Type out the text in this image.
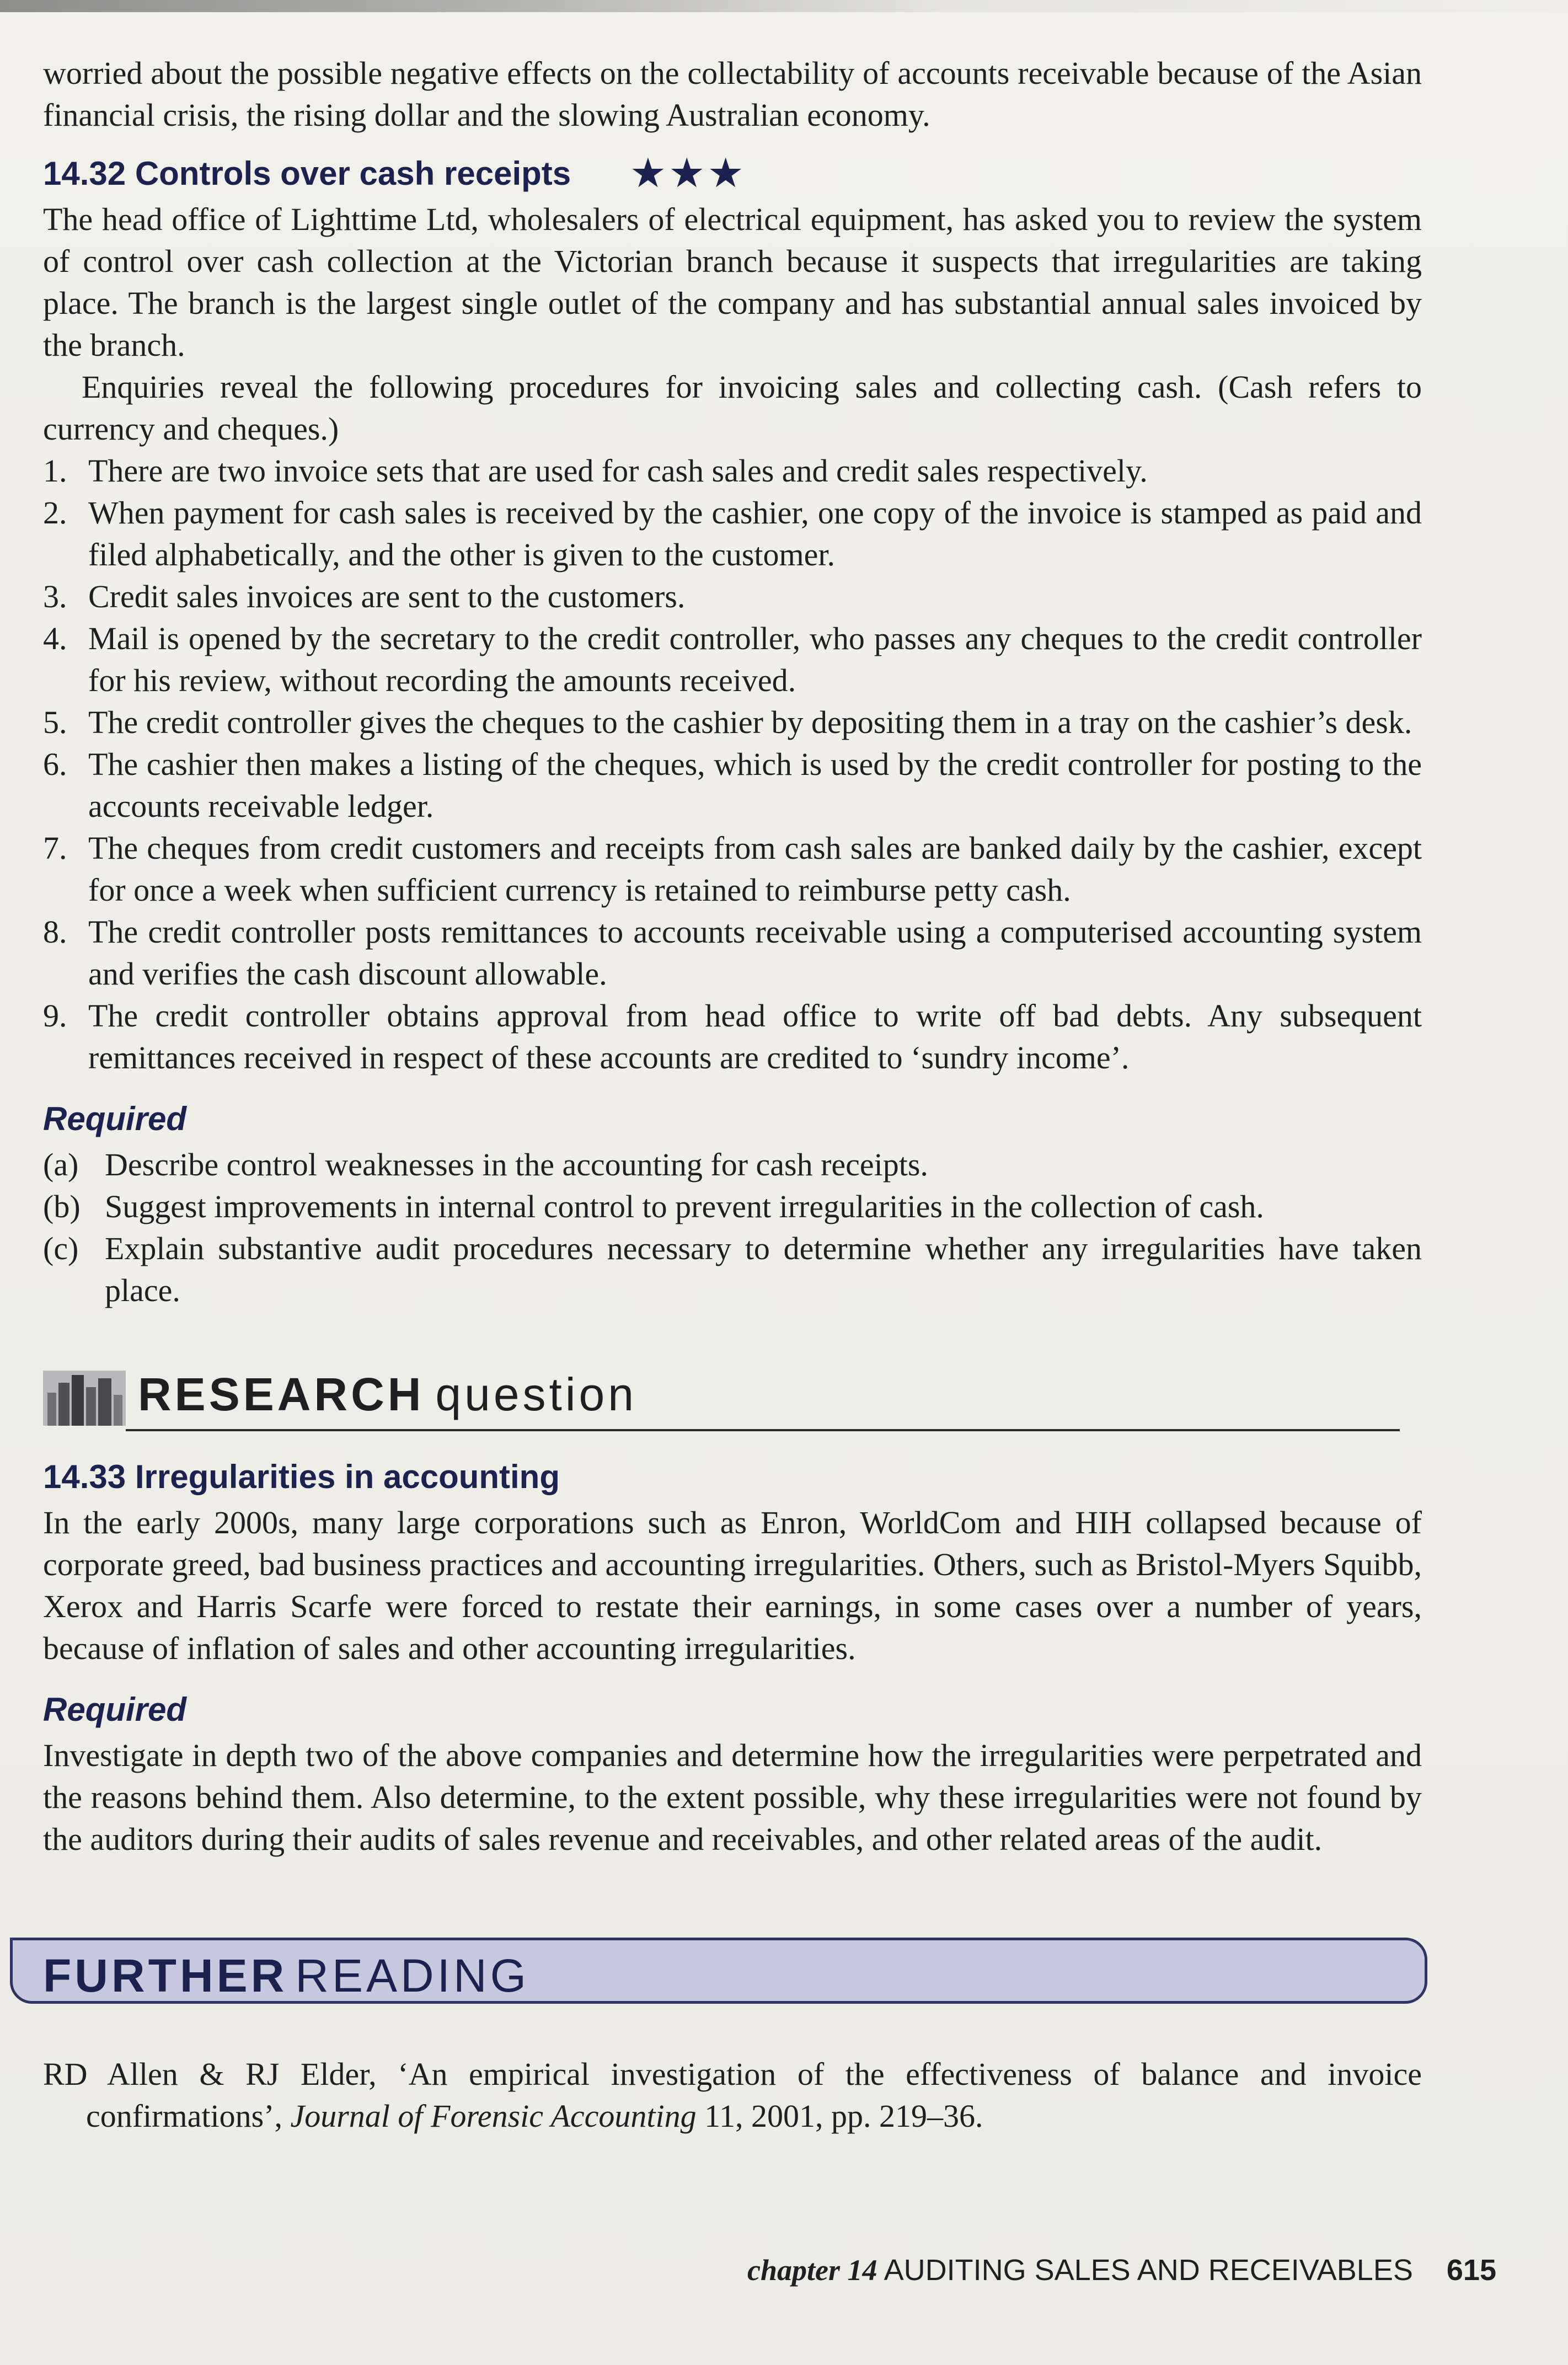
worried about the possible negative effects on the collectability of accounts receivable because of the Asian financial crisis, the rising dollar and the slowing Australian economy.

14.32 Controls over cash receipts ★★★

The head office of Lighttime Ltd, wholesalers of electrical equipment, has asked you to review the system of control over cash collection at the Victorian branch because it suspects that irregularities are taking place. The branch is the largest single outlet of the company and has substantial annual sales invoiced by the branch.

Enquiries reveal the following procedures for invoicing sales and collecting cash. (Cash refers to currency and cheques.)

1. There are two invoice sets that are used for cash sales and credit sales respectively.
2. When payment for cash sales is received by the cashier, one copy of the invoice is stamped as paid and filed alphabetically, and the other is given to the customer.
3. Credit sales invoices are sent to the customers.
4. Mail is opened by the secretary to the credit controller, who passes any cheques to the credit controller for his review, without recording the amounts received.
5. The credit controller gives the cheques to the cashier by depositing them in a tray on the cashier’s desk.
6. The cashier then makes a listing of the cheques, which is used by the credit controller for posting to the accounts receivable ledger.
7. The cheques from credit customers and receipts from cash sales are banked daily by the cashier, except for once a week when sufficient currency is retained to reimburse petty cash.
8. The credit controller posts remittances to accounts receivable using a computerised accounting system and verifies the cash discount allowable.
9. The credit controller obtains approval from head office to write off bad debts. Any subsequent remittances received in respect of these accounts are credited to ‘sundry income’.
Required
(a) Describe control weaknesses in the accounting for cash receipts.
(b) Suggest improvements in internal control to prevent irregularities in the collection of cash.
(c) Explain substantive audit procedures necessary to determine whether any irregularities have taken place.
RESEARCH question
14.33 Irregularities in accounting

In the early 2000s, many large corporations such as Enron, WorldCom and HIH collapsed because of corporate greed, bad business practices and accounting irregularities. Others, such as Bristol-Myers Squibb, Xerox and Harris Scarfe were forced to restate their earnings, in some cases over a number of years, because of inflation of sales and other accounting irregularities.

Required

Investigate in depth two of the above companies and determine how the irregularities were perpetrated and the reasons behind them. Also determine, to the extent possible, why these irregularities were not found by the auditors during their audits of sales revenue and receivables, and other related areas of the audit.

FURTHER READING

RD Allen & RJ Elder, ‘An empirical investigation of the effectiveness of balance and invoice confirmations’, Journal of Forensic Accounting 11, 2001, pp. 219–36.

chapter 14 AUDITING SALES AND RECEIVABLES 615
